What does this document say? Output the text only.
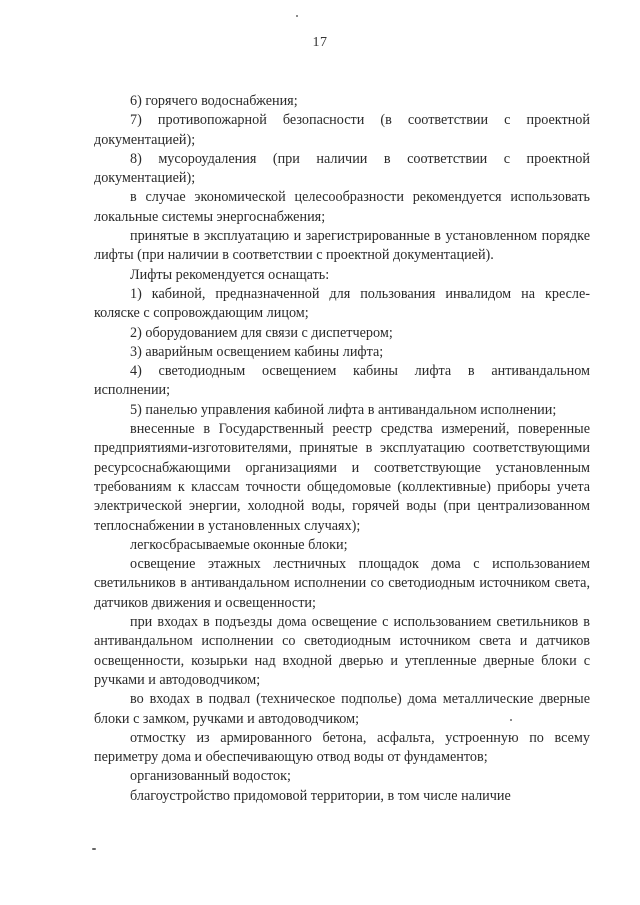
17

6) горячего водоснабжения;

7) противопожарной безопасности (в соответствии с проектной документацией);

8) мусороудаления (при наличии в соответствии с проектной документацией);

в случае экономической целесообразности рекомендуется использовать локальные системы энергоснабжения;

принятые в эксплуатацию и зарегистрированные в установленном порядке лифты (при наличии в соответствии с проектной документацией).

Лифты рекомендуется оснащать:

1) кабиной, предназначенной для пользования инвалидом на кресле-коляске с сопровождающим лицом;

2) оборудованием для связи с диспетчером;

3) аварийным освещением кабины лифта;

4) светодиодным освещением кабины лифта в антивандальном исполнении;

5) панелью управления кабиной лифта в антивандальном исполнении;

внесенные в Государственный реестр средства измерений, поверенные предприятиями-изготовителями, принятые в эксплуатацию соответствующими ресурсоснабжающими организациями и соответствующие установленным требованиям к классам точности общедомовые (коллективные) приборы учета электрической энергии, холодной воды, горячей воды (при централизованном теплоснабжении в установленных случаях);

легкосбрасываемые оконные блоки;

освещение этажных лестничных площадок дома с использованием светильников в антивандальном исполнении со светодиодным источником света, датчиков движения и освещенности;

при входах в подъезды дома освещение с использованием светильников в антивандальном исполнении со светодиодным источником света и датчиков освещенности, козырьки над входной дверью и утепленные дверные блоки с ручками и автодоводчиком;

во входах в подвал (техническое подполье) дома металлические дверные блоки с замком, ручками и автодоводчиком;

отмостку из армированного бетона, асфальта, устроенную по всему периметру дома и обеспечивающую отвод воды от фундаментов;

организованный водосток;

благоустройство придомовой территории, в том числе наличие
